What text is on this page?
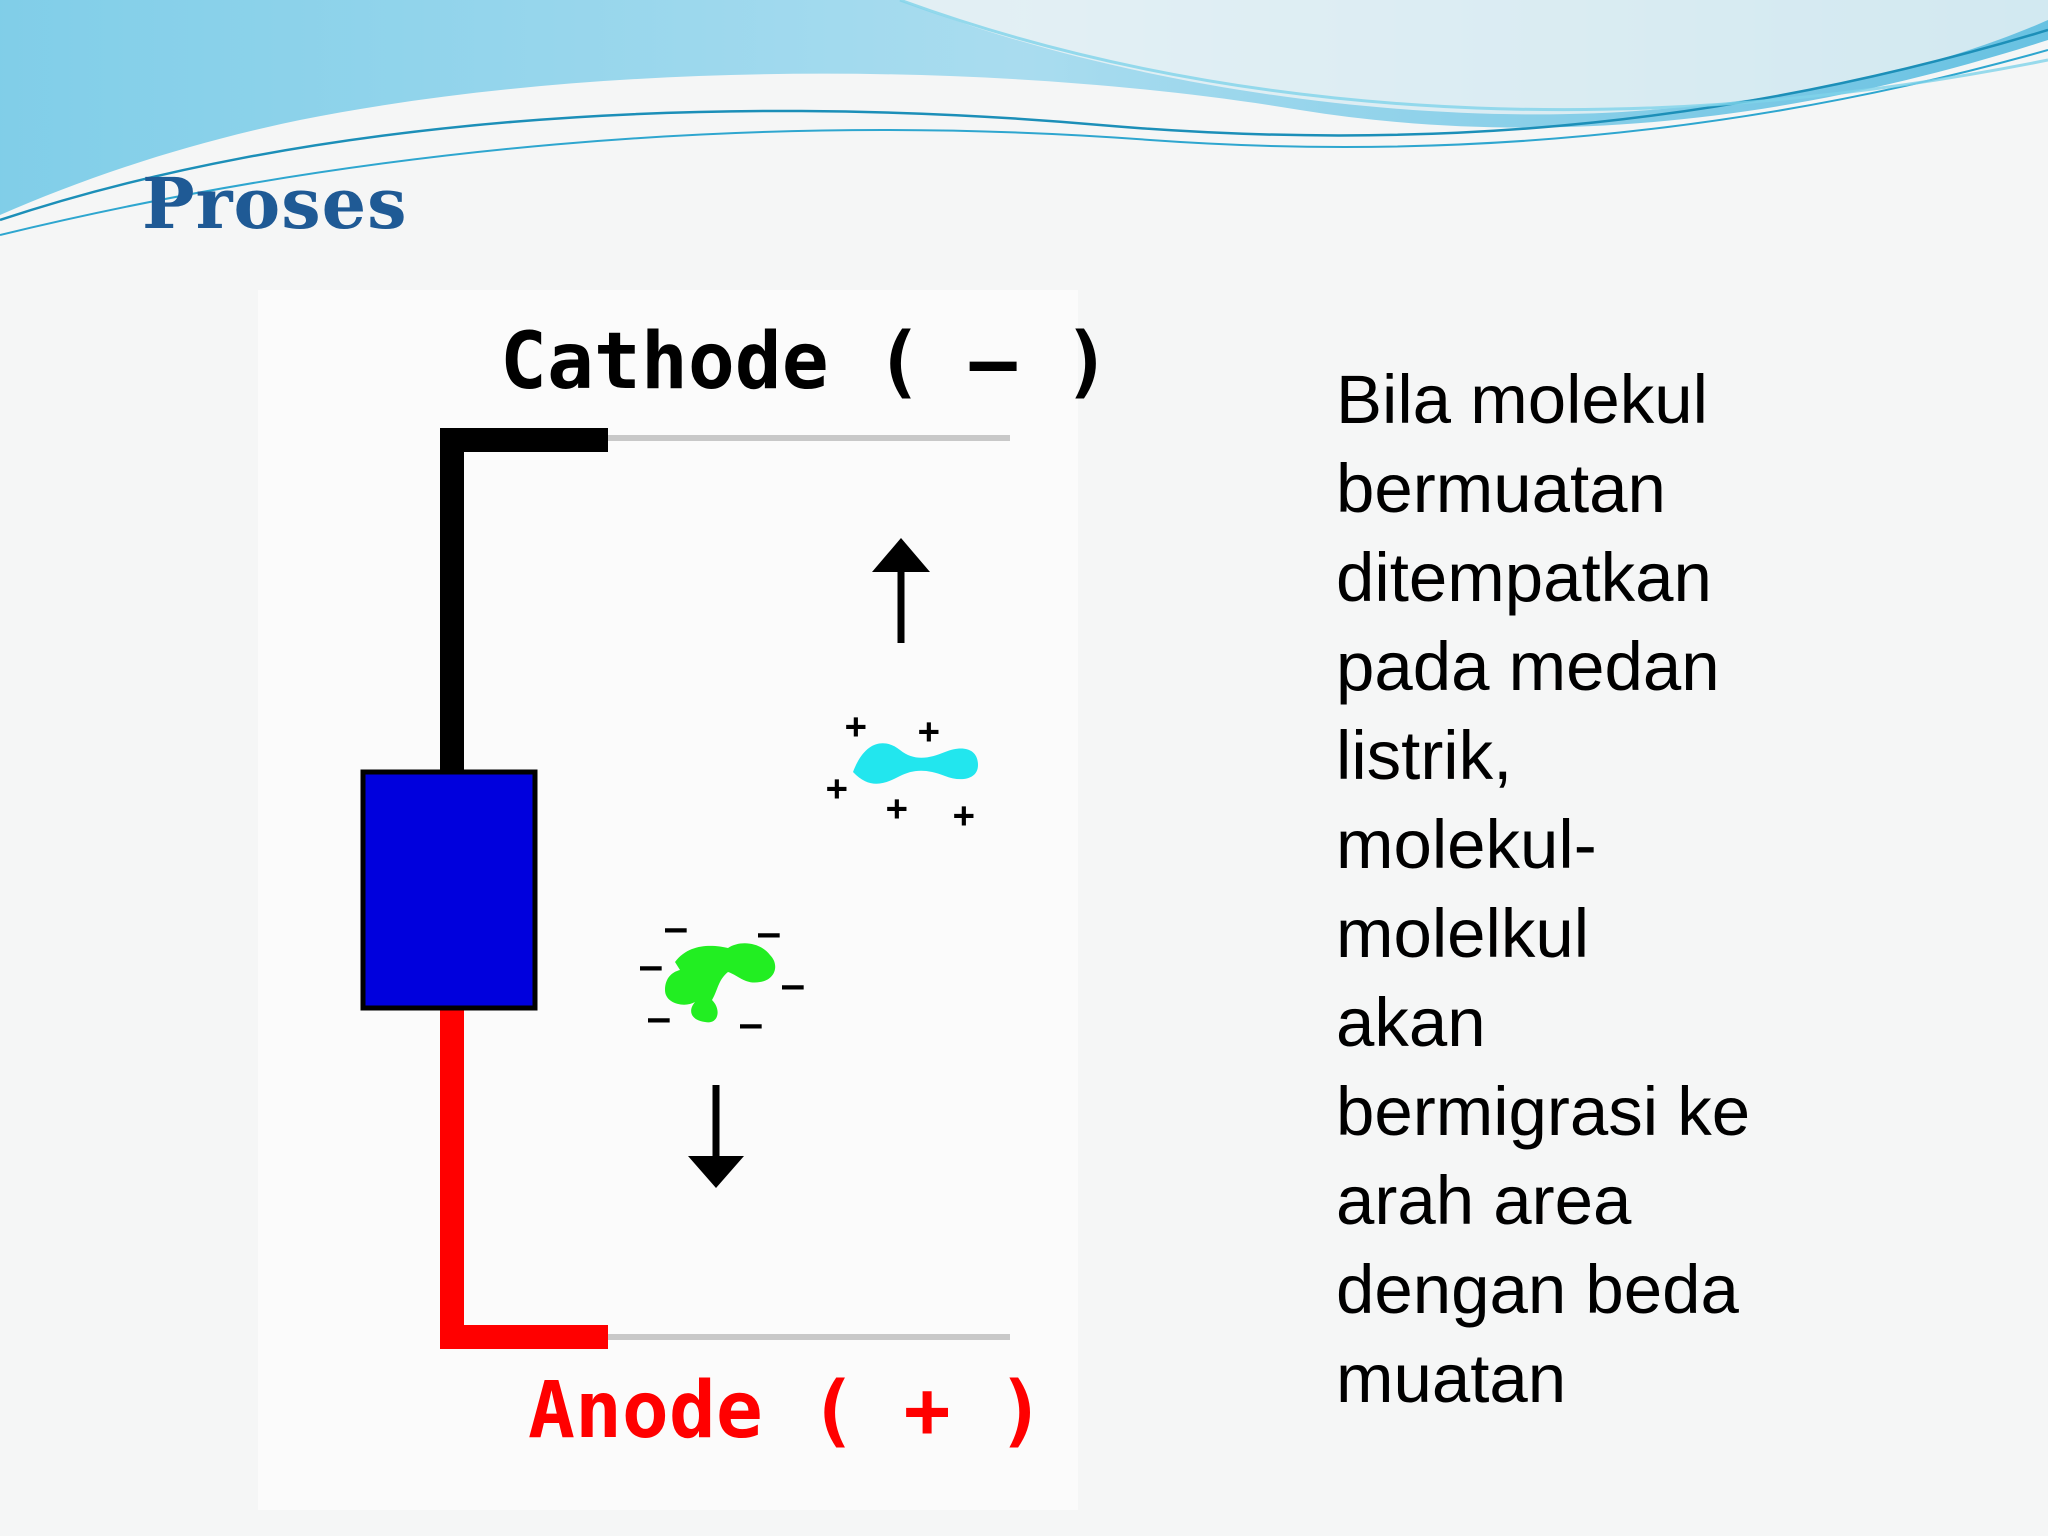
Proses
Cathode ( — )
Anode ( + )
+ +
+ + +
– –
–	–
– –

Bila molekul
bermuatan
ditempatkan
pada medan
listrik,
molekul-
molelkul
akan
bermigrasi ke
arah area
dengan beda
muatan
